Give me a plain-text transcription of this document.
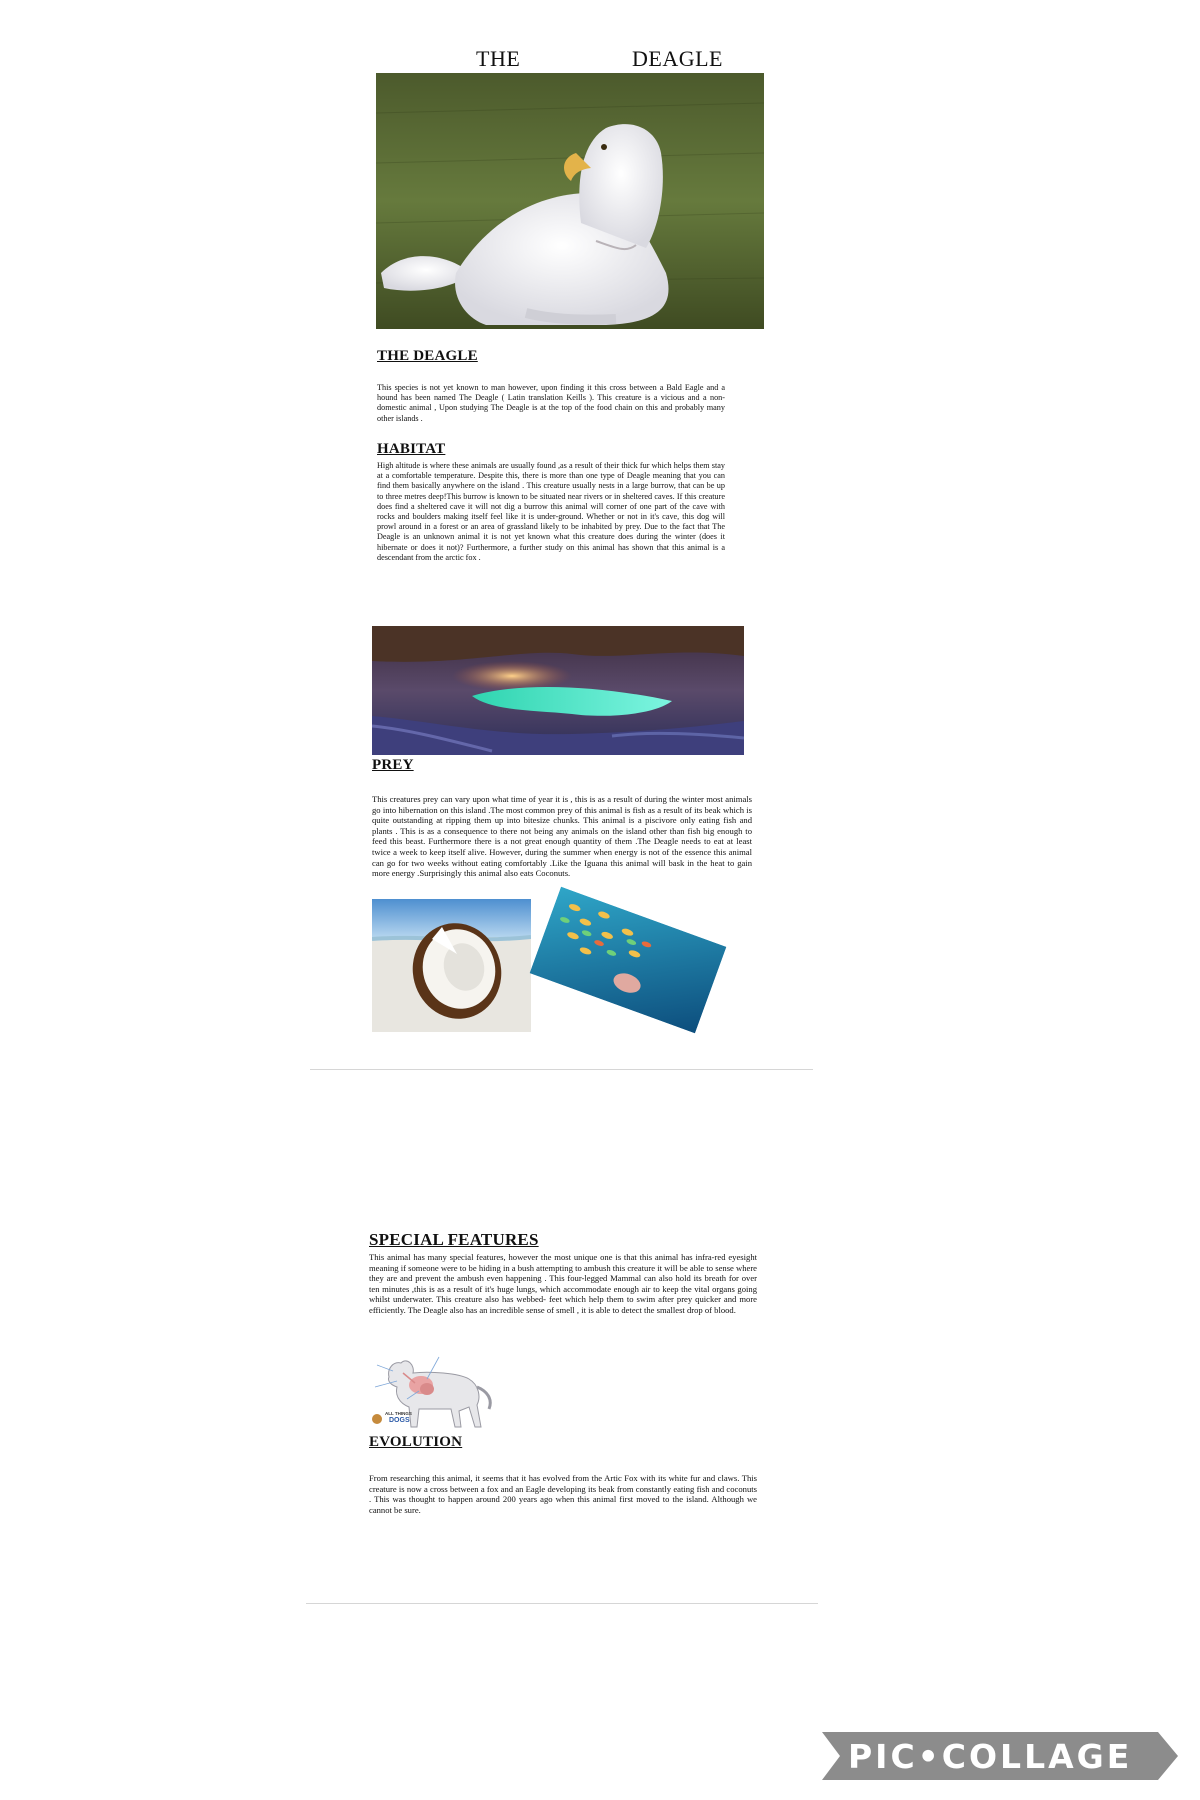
THE	DEAGLE
THE DEAGLE
This species is not yet known to man however, upon finding it this cross between a Bald Eagle and a hound has been named The Deagle ( Latin translation Keills ). This creature is a vicious and a non-domestic animal , Upon studying The Deagle is at the top of the food chain on this and probably many other islands .
HABITAT
High altitude is where these animals are usually found ,as a result of their thick fur which helps them stay at a comfortable temperature. Despite this, there is more than one type of Deagle meaning that you can find them basically anywhere on the island . This creature usually nests in a large burrow, that can be up to three metres deep!This burrow is known to be situated near rivers or in sheltered caves. If this creature does find a sheltered cave it will not dig a burrow this animal will corner of one part of the cave with rocks and boulders making itself feel like it is under-ground. Whether or not in it's cave, this dog will prowl around in a forest or an area of grassland likely to be inhabited by prey. Due to the fact that The Deagle is an unknown animal it is not yet known what this creature does during the winter (does it hibernate or does it not)? Furthermore, a further study on this animal has shown that this animal is a descendant from the arctic fox .
PREY
This creatures prey can vary upon what time of year it is , this is as a result of during the winter most animals go into hibernation on this island .The most common prey of this animal is fish as a result of its beak which is quite outstanding at ripping them up into bitesize chunks. This animal is a piscivore only eating fish and plants . This is as a consequence to there not being any animals on the island other than fish big enough to feed this beast. Furthermore there is a not great enough quantity of them .The Deagle needs to eat at least twice a week to keep itself alive. However, during the summer when energy is not of the essence this animal can go for two weeks without eating comfortably .Like the Iguana this animal will bask in the heat to gain more energy .Surprisingly this animal also eats Coconuts.
SPECIAL FEATURES
This animal has many special features, however the most unique one is that this animal has infra-red eyesight meaning if someone were to be hiding in a bush attempting to ambush this creature it will be able to sense where they are and prevent the ambush even happening . This four-legged Mammal can also hold its breath for over ten minutes ,this is as a result of it's huge lungs, which accommodate enough air to keep the vital organs going whilst underwater. This creature also has webbed- feet which help them to swim after prey quicker and more efficiently. The Deagle also has an incredible sense of smell , it is able to detect the smallest drop of blood.
ALL THINGS
DOGS
EVOLUTION
From researching this animal, it seems that it has evolved from the Artic Fox with its white fur and claws. This creature is now a cross between a fox and an Eagle developing its beak from constantly eating fish and coconuts . This was thought to happen around 200 years ago when this animal first moved to the island. Although we cannot be sure.
PIC•COLLAGE
